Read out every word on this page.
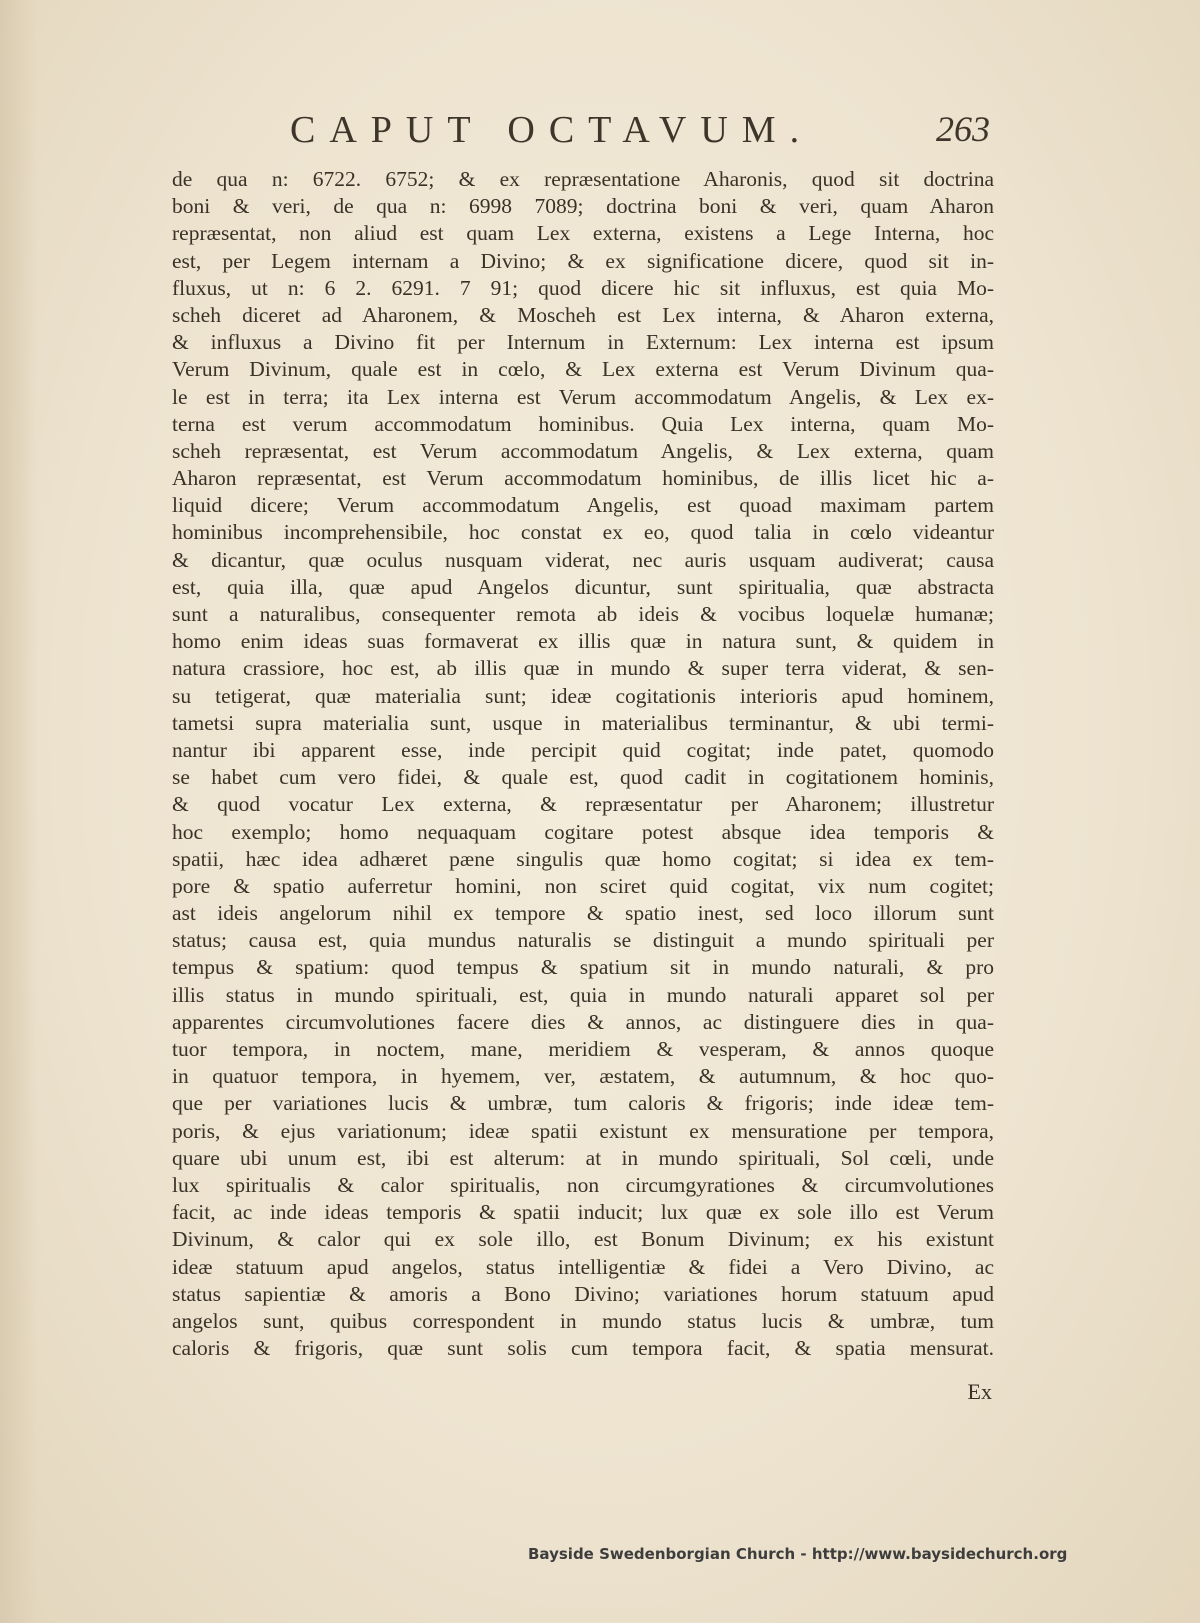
CAPUT OCTAVUM.	263
de qua n: 6722. 6752; & ex repræsentatione Aharonis, quod sit doctrina
boni & veri, de qua n: 6998 7089; doctrina boni & veri, quam Aharon
repræsentat, non aliud est quam Lex externa, existens a Lege Interna, hoc
est, per Legem internam a Divino; & ex significatione dicere, quod sit in-
fluxus, ut n: 6 2. 6291. 7 91; quod dicere hic sit influxus, est quia Mo-
scheh diceret ad Aharonem, & Moscheh est Lex interna, & Aharon externa,
& influxus a Divino fit per Internum in Externum: Lex interna est ipsum
Verum Divinum, quale est in cœlo, & Lex externa est Verum Divinum qua-
le est in terra; ita Lex interna est Verum accommodatum Angelis, & Lex ex-
terna est verum accommodatum hominibus. Quia Lex interna, quam Mo-
scheh repræsentat, est Verum accommodatum Angelis, & Lex externa, quam
Aharon repræsentat, est Verum accommodatum hominibus, de illis licet hic a-
liquid dicere; Verum accommodatum Angelis, est quoad maximam partem
hominibus incomprehensibile, hoc constat ex eo, quod talia in cœlo videantur
& dicantur, quæ oculus nusquam viderat, nec auris usquam audiverat; causa
est, quia illa, quæ apud Angelos dicuntur, sunt spiritualia, quæ abstracta
sunt a naturalibus, consequenter remota ab ideis & vocibus loquelæ humanæ;
homo enim ideas suas formaverat ex illis quæ in natura sunt, & quidem in
natura crassiore, hoc est, ab illis quæ in mundo & super terra viderat, & sen-
su tetigerat, quæ materialia sunt; ideæ cogitationis interioris apud hominem,
tametsi supra materialia sunt, usque in materialibus terminantur, & ubi termi-
nantur ibi apparent esse, inde percipit quid cogitat; inde patet, quomodo
se habet cum vero fidei, & quale est, quod cadit in cogitationem hominis,
& quod vocatur Lex externa, & repræsentatur per Aharonem; illustretur
hoc exemplo; homo nequaquam cogitare potest absque idea temporis &
spatii, hæc idea adhæret pæne singulis quæ homo cogitat; si idea ex tem-
pore & spatio auferretur homini, non sciret quid cogitat, vix num cogitet;
ast ideis angelorum nihil ex tempore & spatio inest, sed loco illorum sunt
status; causa est, quia mundus naturalis se distinguit a mundo spirituali per
tempus & spatium: quod tempus & spatium sit in mundo naturali, & pro
illis status in mundo spirituali, est, quia in mundo naturali apparet sol per
apparentes circumvolutiones facere dies & annos, ac distinguere dies in qua-
tuor tempora, in noctem, mane, meridiem & vesperam, & annos quoque
in quatuor tempora, in hyemem, ver, æstatem, & autumnum, & hoc quo-
que per variationes lucis & umbræ, tum caloris & frigoris; inde ideæ tem-
poris, & ejus variationum; ideæ spatii existunt ex mensuratione per tempora,
quare ubi unum est, ibi est alterum: at in mundo spirituali, Sol cœli, unde
lux spiritualis & calor spiritualis, non circumgyrationes & circumvolutiones
facit, ac inde ideas temporis & spatii inducit; lux quæ ex sole illo est Verum
Divinum, & calor qui ex sole illo, est Bonum Divinum; ex his existunt
ideæ statuum apud angelos, status intelligentiæ & fidei a Vero Divino, ac
status sapientiæ & amoris a Bono Divino; variationes horum statuum apud
angelos sunt, quibus correspondent in mundo status lucis & umbræ, tum
caloris & frigoris, quæ sunt solis cum tempora facit, & spatia mensurat.
Ex
Bayside Swedenborgian Church - http://www.baysidechurch.org
